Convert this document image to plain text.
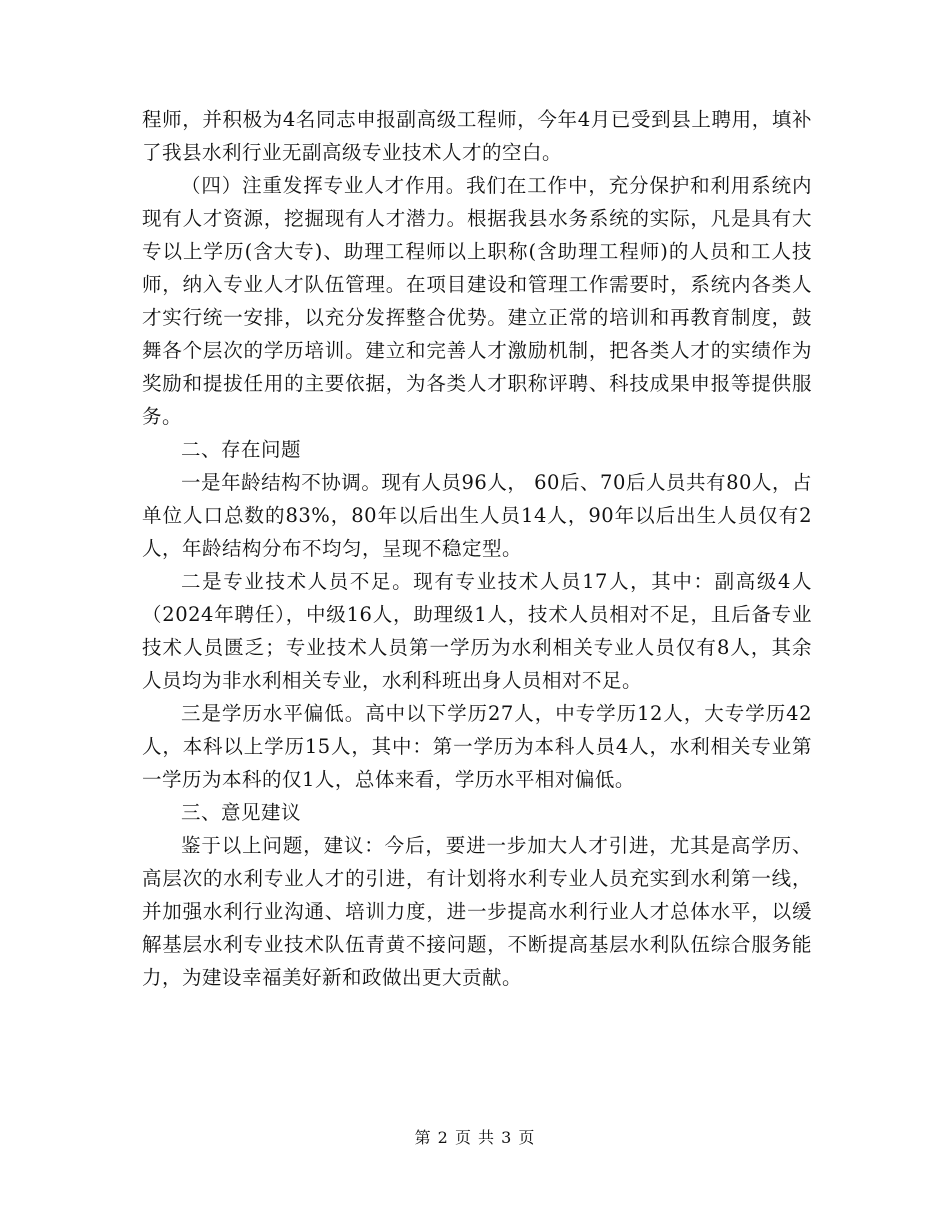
程师，并积极为4名同志申报副高级工程师，今年4月已受到县上聘用，填补了我县水利行业无副高级专业技术人才的空白。

（四）注重发挥专业人才作用。我们在工作中，充分保护和利用系统内现有人才资源，挖掘现有人才潜力。根据我县水务系统的实际，凡是具有大专以上学历(含大专)、助理工程师以上职称(含助理工程师)的人员和工人技师，纳入专业人才队伍管理。在项目建设和管理工作需要时，系统内各类人才实行统一安排，以充分发挥整合优势。建立正常的培训和再教育制度，鼓舞各个层次的学历培训。建立和完善人才激励机制，把各类人才的实绩作为奖励和提拔任用的主要依据，为各类人才职称评聘、科技成果申报等提供服务。

二、存在问题

一是年龄结构不协调。现有人员96人， 60后、70后人员共有80人，占单位人口总数的83%，80年以后出生人员14人，90年以后出生人员仅有2人，年龄结构分布不均匀，呈现不稳定型。

二是专业技术人员不足。现有专业技术人员17人，其中：副高级4人（2024年聘任），中级16人，助理级1人，技术人员相对不足，且后备专业技术人员匮乏；专业技术人员第一学历为水利相关专业人员仅有8人，其余人员均为非水利相关专业，水利科班出身人员相对不足。

三是学历水平偏低。高中以下学历27人，中专学历12人，大专学历42人，本科以上学历15人，其中：第一学历为本科人员4人，水利相关专业第一学历为本科的仅1人，总体来看，学历水平相对偏低。

三、意见建议

鉴于以上问题，建议：今后，要进一步加大人才引进，尤其是高学历、高层次的水利专业人才的引进，有计划将水利专业人员充实到水利第一线，并加强水利行业沟通、培训力度，进一步提高水利行业人才总体水平，以缓解基层水利专业技术队伍青黄不接问题，不断提高基层水利队伍综合服务能力，为建设幸福美好新和政做出更大贡献。

第 2 页 共 3 页
